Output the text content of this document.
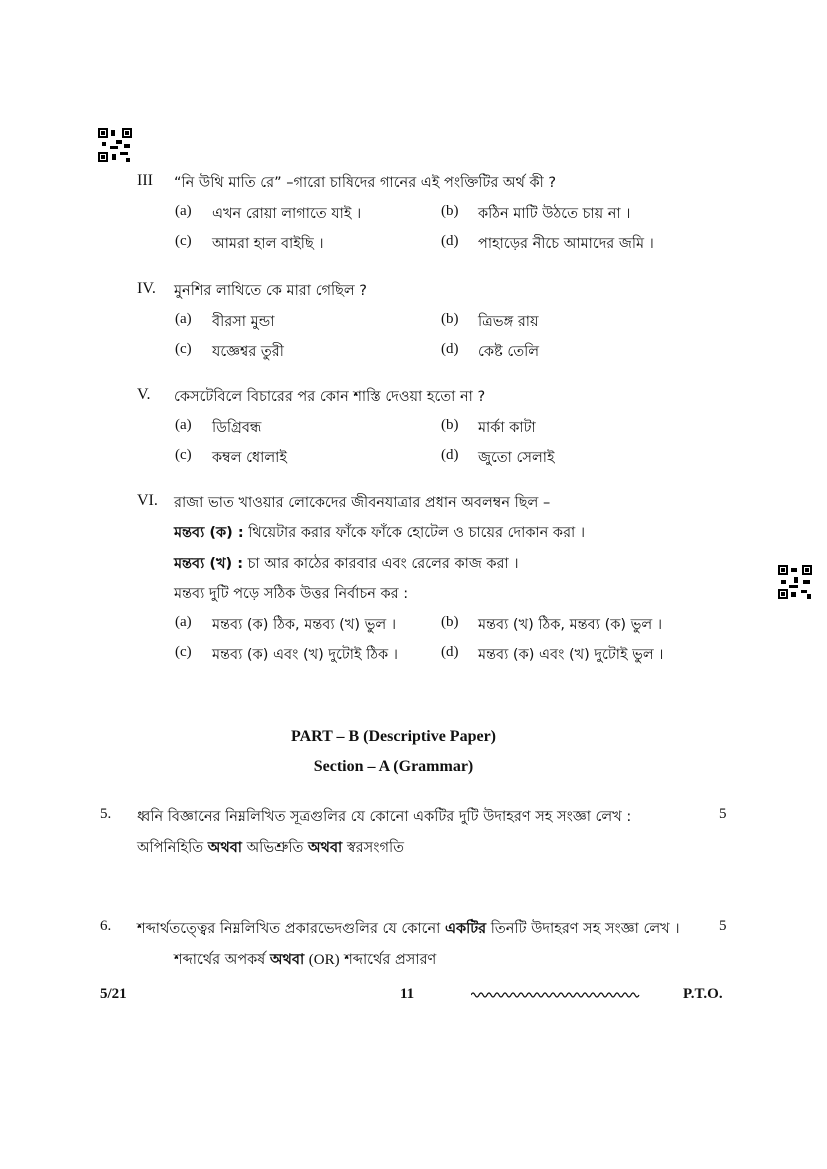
III “নি উথি মাতি রে” –গারো চাষিদের গানের এই পংক্তিটির অর্থ কী ?
(a) এখন রোয়া লাগাতে যাই ।	(b) কঠিন মাটি উঠতে চায় না ।
(c) আমরা হাল বাইছি ।	(d) পাহাড়ের নীচে আমাদের জমি ।
IV. মুনশির লাথিতে কে মারা গেছিল ?
(a) বীরসা মুন্ডা	(b) ত্রিভঙ্গ রায়
(c) যজ্ঞেশ্বর তুরী	(d) কেষ্ট তেলি
V. কেসটেবিলে বিচারের পর কোন শাস্তি দেওয়া হতো না ?
(a) ডিগ্রিবন্ধ	(b) মার্কা কাটা
(c) কম্বল ধোলাই	(d) জুতো সেলাই
VI. রাজা ভাত খাওয়ার লোকেদের জীবনযাত্রার প্রধান অবলম্বন ছিল –
মন্তব্য (ক) : থিয়েটার করার ফাঁকে ফাঁকে হোটেল ও চায়ের দোকান করা ।
মন্তব্য (খ) : চা আর কাঠের কারবার এবং রেলের কাজ করা ।
মন্তব্য দুটি পড়ে সঠিক উত্তর নির্বাচন কর :
(a) মন্তব্য (ক) ঠিক, মন্তব্য (খ) ভুল ।	(b) মন্তব্য (খ) ঠিক, মন্তব্য (ক) ভুল ।
(c) মন্তব্য (ক) এবং (খ) দুটোই ঠিক ।	(d) মন্তব্য (ক) এবং (খ) দুটোই ভুল ।
PART – B (Descriptive Paper)
Section – A (Grammar)
5. ধ্বনি বিজ্ঞানের নিম্নলিখিত সূত্রগুলির যে কোনো একটির দুটি উদাহরণ সহ সংজ্ঞা লেখ :	5
অপিনিহিতি অথবা অভিশ্রুতি অথবা স্বরসংগতি
6. শব্দার্থতত্ত্বের নিম্নলিখিত প্রকারভেদগুলির যে কোনো একটির তিনটি উদাহরণ সহ সংজ্ঞা লেখ ।	5
শব্দার্থের অপকর্ষ অথবা (OR) শব্দার্থের প্রসারণ
5/21	11	P.T.O.
